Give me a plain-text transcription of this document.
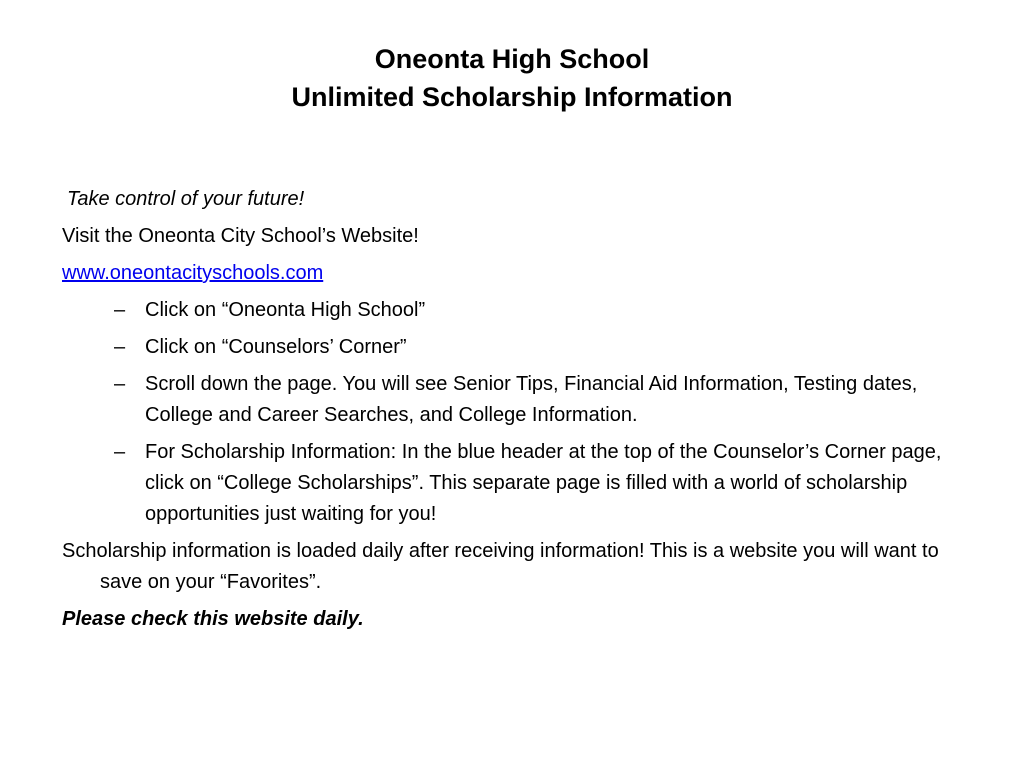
Oneonta High School
Unlimited Scholarship Information
Take control of your future!
Visit the Oneonta City School’s Website!
www.oneontacityschools.com
– Click on “Oneonta High School”
– Click on “Counselors’ Corner”
– Scroll down the page. You will see Senior Tips, Financial Aid Information, Testing dates, College and Career Searches, and College Information.
– For Scholarship Information: In the blue header at the top of the Counselor’s Corner page, click on “College Scholarships”. This separate page is filled with a world of scholarship opportunities just waiting for you!
Scholarship information is loaded daily after receiving information! This is a website you will want to save on your “Favorites”.
Please check this website daily.
